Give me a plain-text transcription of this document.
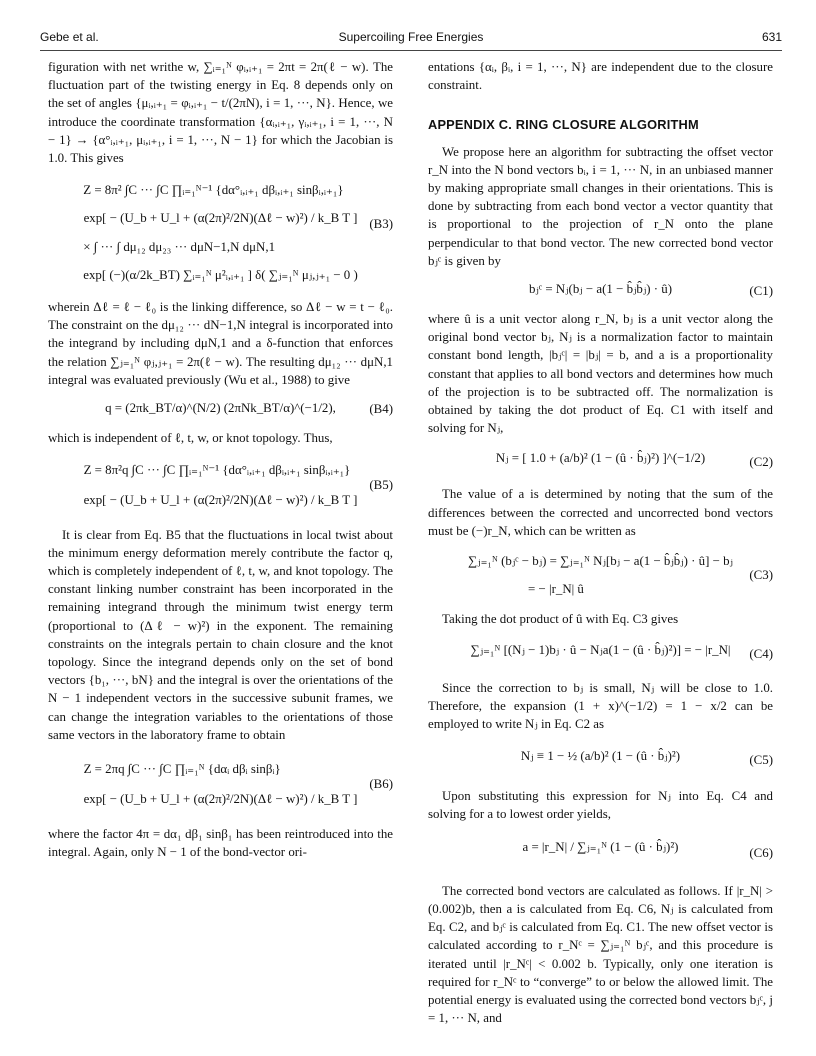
Gebe et al.	Supercoiling Free Energies	631

figuration with net writhe w, ∑ᵢ₌₁ᴺ φᵢ,ᵢ₊₁ = 2πt = 2π(ℓ − w). The fluctuation part of the twisting energy in Eq. 8 depends only on the set of angles {μᵢ,ᵢ₊₁ = φᵢ,ᵢ₊₁ − t/(2πN), i = 1, ···, N}. Hence, we introduce the coordinate transformation {αᵢ,ᵢ₊₁, γᵢ,ᵢ₊₁, i = 1, ···, N − 1} → {α°ᵢ,ᵢ₊₁, μᵢ,ᵢ₊₁, i = 1, ···, N − 1} for which the Jacobian is 1.0. This gives

Z = 8π² ∫C ··· ∫C ∏ᵢ₌₁ᴺ⁻¹ {dα°ᵢ,ᵢ₊₁ dβᵢ,ᵢ₊₁ sinβᵢ,ᵢ₊₁}
exp[ − (U_b + U_l + (α(2π)²/2N)(Δℓ − w)²) / k_B T ]
× ∫ ··· ∫ dμ₁₂ dμ₂₃ ··· dμN−1,N dμN,1
exp[ (−)(α/2k_BT) ∑ᵢ₌₁ᴺ μ²ᵢ,ᵢ₊₁ ] δ( ∑ⱼ₌₁ᴺ μⱼ,ⱼ₊₁ − 0 )
(B3)

wherein Δℓ = ℓ − ℓ₀ is the linking difference, so Δℓ − w = t − ℓ₀. The constraint on the dμ₁₂ ··· dN−1,N integral is incorporated into the integrand by including dμN,1 and a δ-function that enforces the relation ∑ⱼ₌₁ᴺ φⱼ,ⱼ₊₁ = 2π(ℓ − w). The resulting dμ₁₂ ··· dμN,1 integral was evaluated previously (Wu et al., 1988) to give

q = (2πk_BT/α)^(N/2) (2πNk_BT/α)^(−1/2),	(B4)

which is independent of ℓ, t, w, or knot topology. Thus,

Z = 8π²q ∫C ··· ∫C ∏ᵢ₌₁ᴺ⁻¹ {dα°ᵢ,ᵢ₊₁ dβᵢ,ᵢ₊₁ sinβᵢ,ᵢ₊₁}
exp[ − (U_b + U_l + (α(2π)²/2N)(Δℓ − w)²) / k_B T ]
(B5)

It is clear from Eq. B5 that the fluctuations in local twist about the minimum energy deformation merely contribute the factor q, which is completely independent of ℓ, t, w, and knot topology. The constant linking number constraint has been incorporated in the remaining integrand through the minimum twist energy term (proportional to (Δℓ − w)²) in the exponent. The remaining constraints on the integrals pertain to chain closure and the knot topology. Since the integrand depends only on the set of bond vectors {b₁, ···, bN} and the integral is over the orientations of the N − 1 independent vectors in the successive subunit frames, we can change the integration variables to the orientations of those same vectors in the laboratory frame to obtain

Z = 2πq ∫C ··· ∫C ∏ᵢ₌₁ᴺ {dαᵢ dβᵢ sinβᵢ}
exp[ − (U_b + U_l + (α(2π)²/2N)(Δℓ − w)²) / k_B T ]
(B6)

where the factor 4π = dα₁ dβ₁ sinβ₁ has been reintroduced into the integral. Again, only N − 1 of the bond-vector ori-

entations {αᵢ, βᵢ, i = 1, ···, N} are independent due to the closure constraint.

APPENDIX C. RING CLOSURE ALGORITHM

We propose here an algorithm for subtracting the offset vector r_N into the N bond vectors bᵢ, i = 1, ··· N, in an unbiased manner by making appropriate small changes in their orientations. This is done by subtracting from each bond vector a vector quantity that is proportional to the projection of r_N onto the plane perpendicular to that bond vector. The new corrected bond vector bⱼᶜ is given by

bⱼᶜ = Nⱼ(bⱼ − a(1 − b̂ⱼb̂ⱼ) · û)	(C1)

where û is a unit vector along r_N, bⱼ is a unit vector along the original bond vector bⱼ, Nⱼ is a normalization factor to maintain constant bond length, |bⱼᶜ| = |bⱼ| = b, and a is a proportionality constant that applies to all bond vectors and determines how much of the projection is to be subtracted off. The normalization is obtained by taking the dot product of Eq. C1 with itself and solving for Nⱼ,

Nⱼ = [ 1.0 + (a/b)² (1 − (û · b̂ⱼ)²) ]^(−1/2)	(C2)

The value of a is determined by noting that the sum of the differences between the corrected and uncorrected bond vectors must be (−)r_N, which can be written as

∑ⱼ₌₁ᴺ (bⱼᶜ − bⱼ) = ∑ⱼ₌₁ᴺ Nⱼ[bⱼ − a(1 − b̂ⱼb̂ⱼ) · û] − bⱼ
= − |r_N| û
(C3)

Taking the dot product of û with Eq. C3 gives

∑ⱼ₌₁ᴺ [(Nⱼ − 1)bⱼ · û − Nⱼa(1 − (û · b̂ⱼ)²)] = − |r_N| (C4)

Since the correction to bⱼ is small, Nⱼ will be close to 1.0. Therefore, the expansion (1 + x)^(−1/2) = 1 − x/2 can be employed to write Nⱼ in Eq. C2 as

Nⱼ ≡ 1 − ½ (a/b)² (1 − (û · b̂ⱼ)²)	(C5)

Upon substituting this expression for Nⱼ into Eq. C4 and solving for a to lowest order yields,

a = |r_N| / ∑ⱼ₌₁ᴺ (1 − (û · b̂ⱼ)²)	(C6)

The corrected bond vectors are calculated as follows. If |r_N| > (0.002)b, then a is calculated from Eq. C6, Nⱼ is calculated from Eq. C2, and bⱼᶜ is calculated from Eq. C1. The new offset vector is calculated according to r_Nᶜ = ∑ⱼ₌₁ᴺ bⱼᶜ, and this procedure is iterated until |r_Nᶜ| < 0.002 b. Typically, only one iteration is required for r_Nᶜ to “converge” to or below the allowed limit. The potential energy is evaluated using the corrected bond vectors bⱼᶜ, j = 1, ··· N, and
